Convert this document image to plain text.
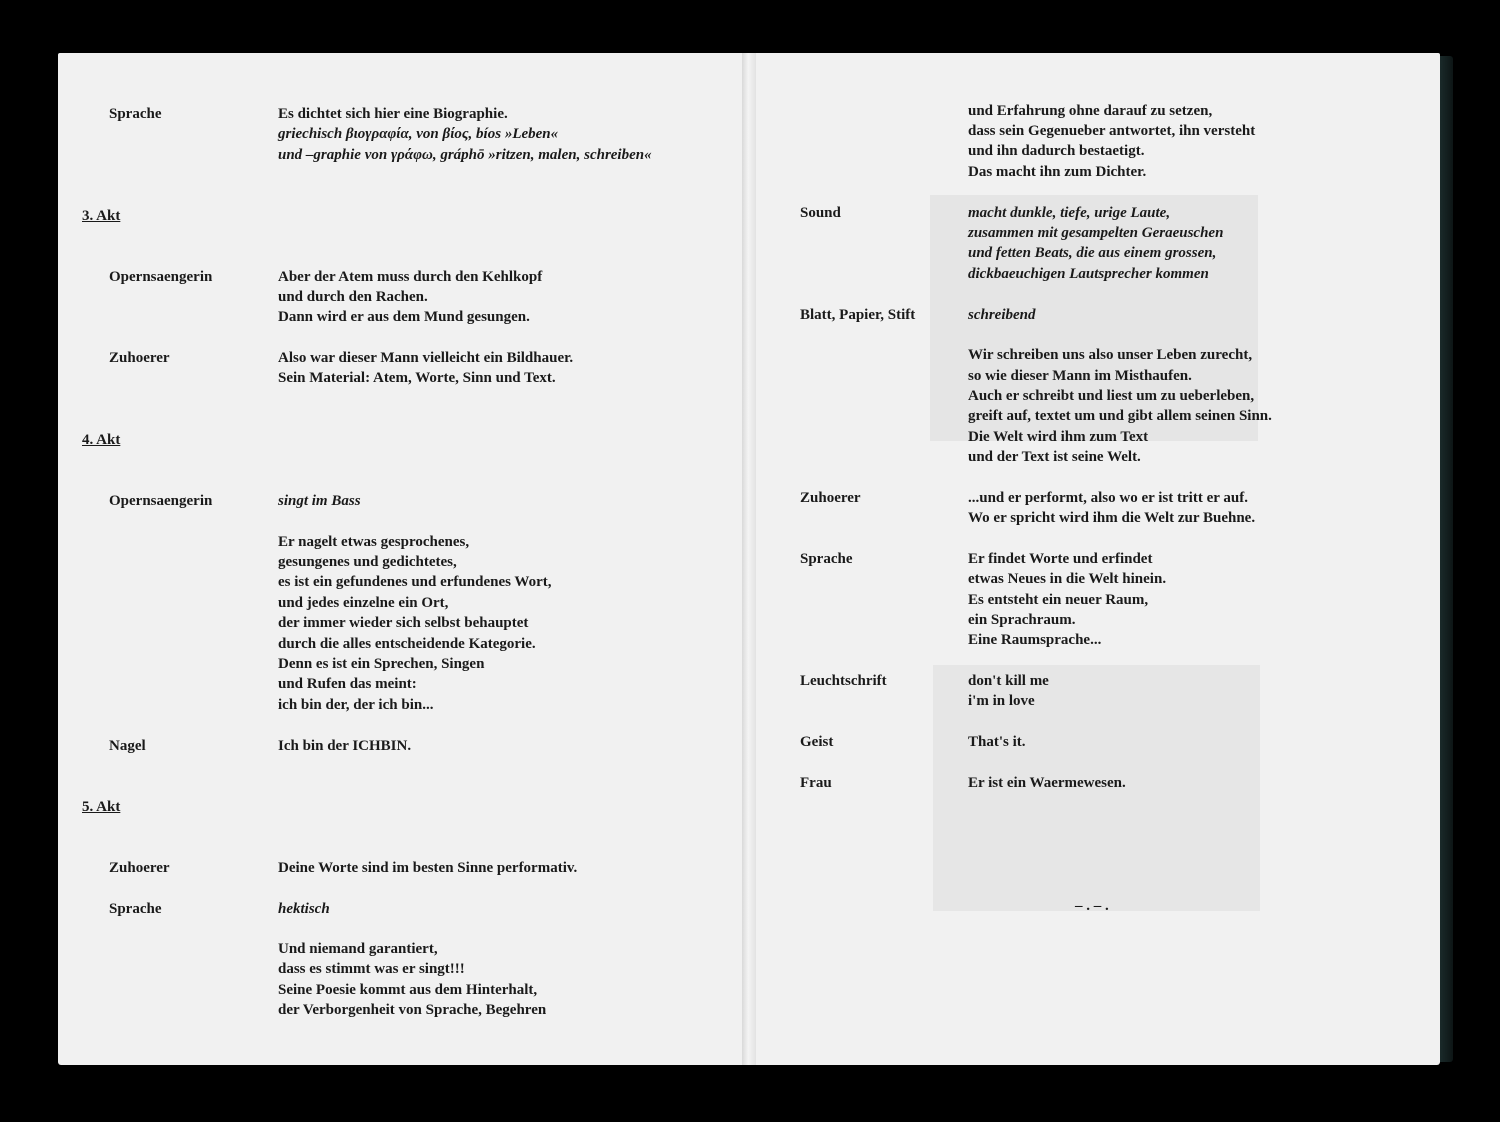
Sprache	Es dichtet sich hier eine Biographie.
griechisch βιογραφία, von βίος, bíos »Leben«
und –graphie von γράφω, gráphō »ritzen, malen, schreiben«
3. Akt
Opernsaengerin	Aber der Atem muss durch den Kehlkopf
und durch den Rachen.
Dann wird er aus dem Mund gesungen.
Zuhoerer	Also war dieser Mann vielleicht ein Bildhauer.
Sein Material: Atem, Worte, Sinn und Text.
4. Akt
Opernsaengerin	singt im Bass
Er nagelt etwas gesprochenes,
gesungenes und gedichtetes,
es ist ein gefundenes und erfundenes Wort,
und jedes einzelne ein Ort,
der immer wieder sich selbst behauptet
durch die alles entscheidende Kategorie.
Denn es ist ein Sprechen, Singen
und Rufen das meint:
ich bin der, der ich bin...
Nagel	Ich bin der ICHBIN.
5. Akt
Zuhoerer	Deine Worte sind im besten Sinne performativ.
Sprache	hektisch
Und niemand garantiert,
dass es stimmt was er singt!!!
Seine Poesie kommt aus dem Hinterhalt,
der Verborgenheit von Sprache, Begehren
und Erfahrung ohne darauf zu setzen,
dass sein Gegenueber antwortet, ihn versteht
und ihn dadurch bestaetigt.
Das macht ihn zum Dichter.
Sound	macht dunkle, tiefe, urige Laute,
zusammen mit gesampelten Geraeuschen
und fetten Beats, die aus einem grossen,
dickbaeuchigen Lautsprecher kommen
Blatt, Papier, Stift	schreibend
Wir schreiben uns also unser Leben zurecht,
so wie dieser Mann im Misthaufen.
Auch er schreibt und liest um zu ueberleben,
greift auf, textet um und gibt allem seinen Sinn.
Die Welt wird ihm zum Text
und der Text ist seine Welt.
Zuhoerer	...und er performt, also wo er ist tritt er auf.
Wo er spricht wird ihm die Welt zur Buehne.
Sprache	Er findet Worte und erfindet
etwas Neues in die Welt hinein.
Es entsteht ein neuer Raum,
ein Sprachraum.
Eine Raumsprache...
Leuchtschrift	don't kill me
i'm in love
Geist	That's it.
Frau	Er ist ein Waermewesen.
– . – .
